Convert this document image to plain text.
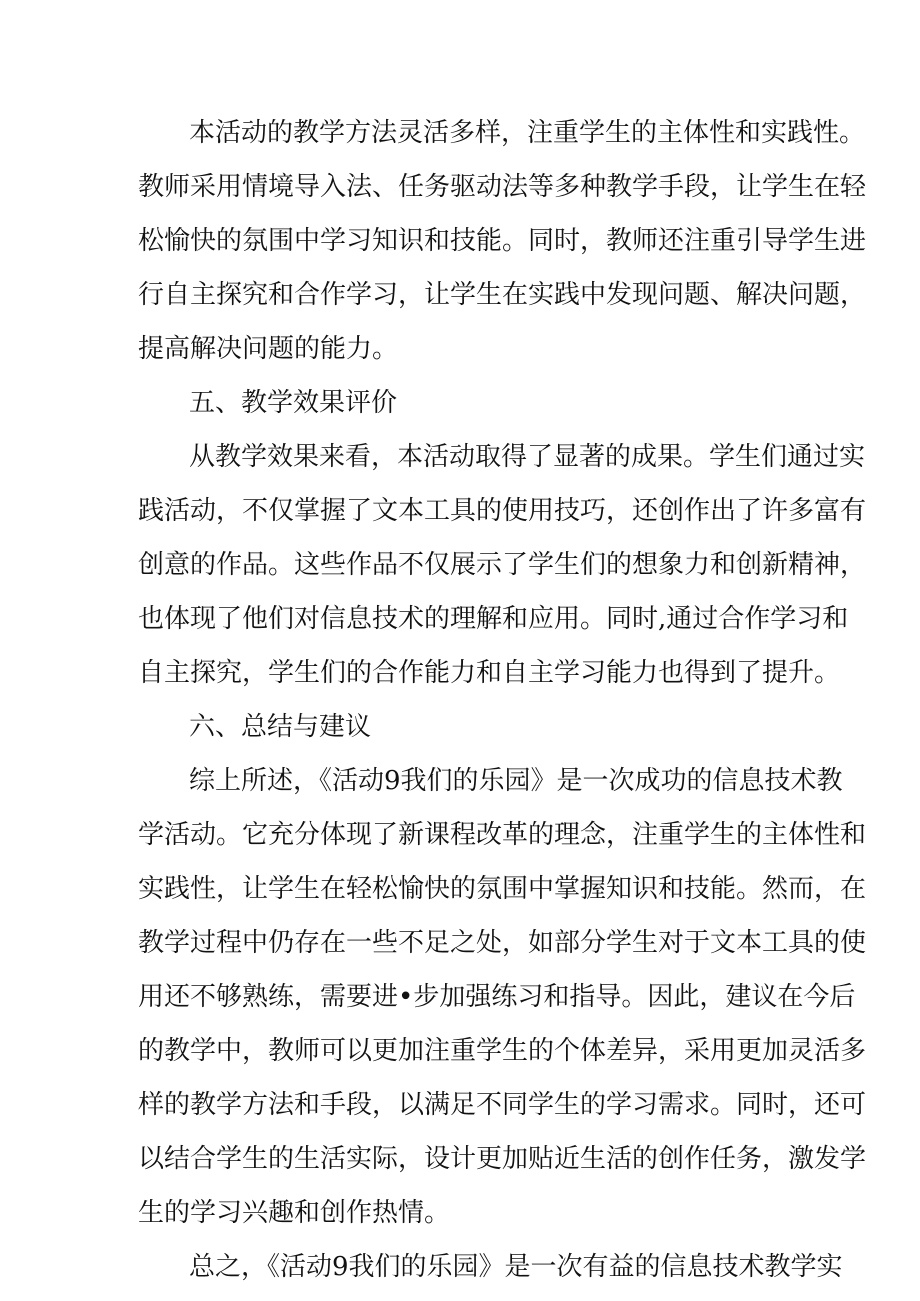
本活动的教学方法灵活多样，注重学生的主体性和实践性。
教师采用情境导入法、任务驱动法等多种教学手段，让学生在轻
松愉快的氛围中学习知识和技能。同时，教师还注重引导学生进
行自主探究和合作学习，让学生在实践中发现问题、解决问题，
提高解决问题的能力。
五、教学效果评价
从教学效果来看，本活动取得了显著的成果。学生们通过实
践活动，不仅掌握了文本工具的使用技巧，还创作出了许多富有
创意的作品。这些作品不仅展示了学生们的想象力和创新精神，
也体现了他们对信息技术的理解和应用。同时,通过合作学习和
自主探究，学生们的合作能力和自主学习能力也得到了提升。
六、总结与建议
综上所述，《活动9我们的乐园》是一次成功的信息技术教
学活动。它充分体现了新课程改革的理念，注重学生的主体性和
实践性，让学生在轻松愉快的氛围中掌握知识和技能。然而，在
教学过程中仍存在一些不足之处，如部分学生对于文本工具的使
用还不够熟练，需要进•步加强练习和指导。因此，建议在今后
的教学中，教师可以更加注重学生的个体差异，采用更加灵活多
样的教学方法和手段，以满足不同学生的学习需求。同时，还可
以结合学生的生活实际，设计更加贴近生活的创作任务，激发学
生的学习兴趣和创作热情。
总之，《活动9我们的乐园》是一次有益的信息技术教学实
